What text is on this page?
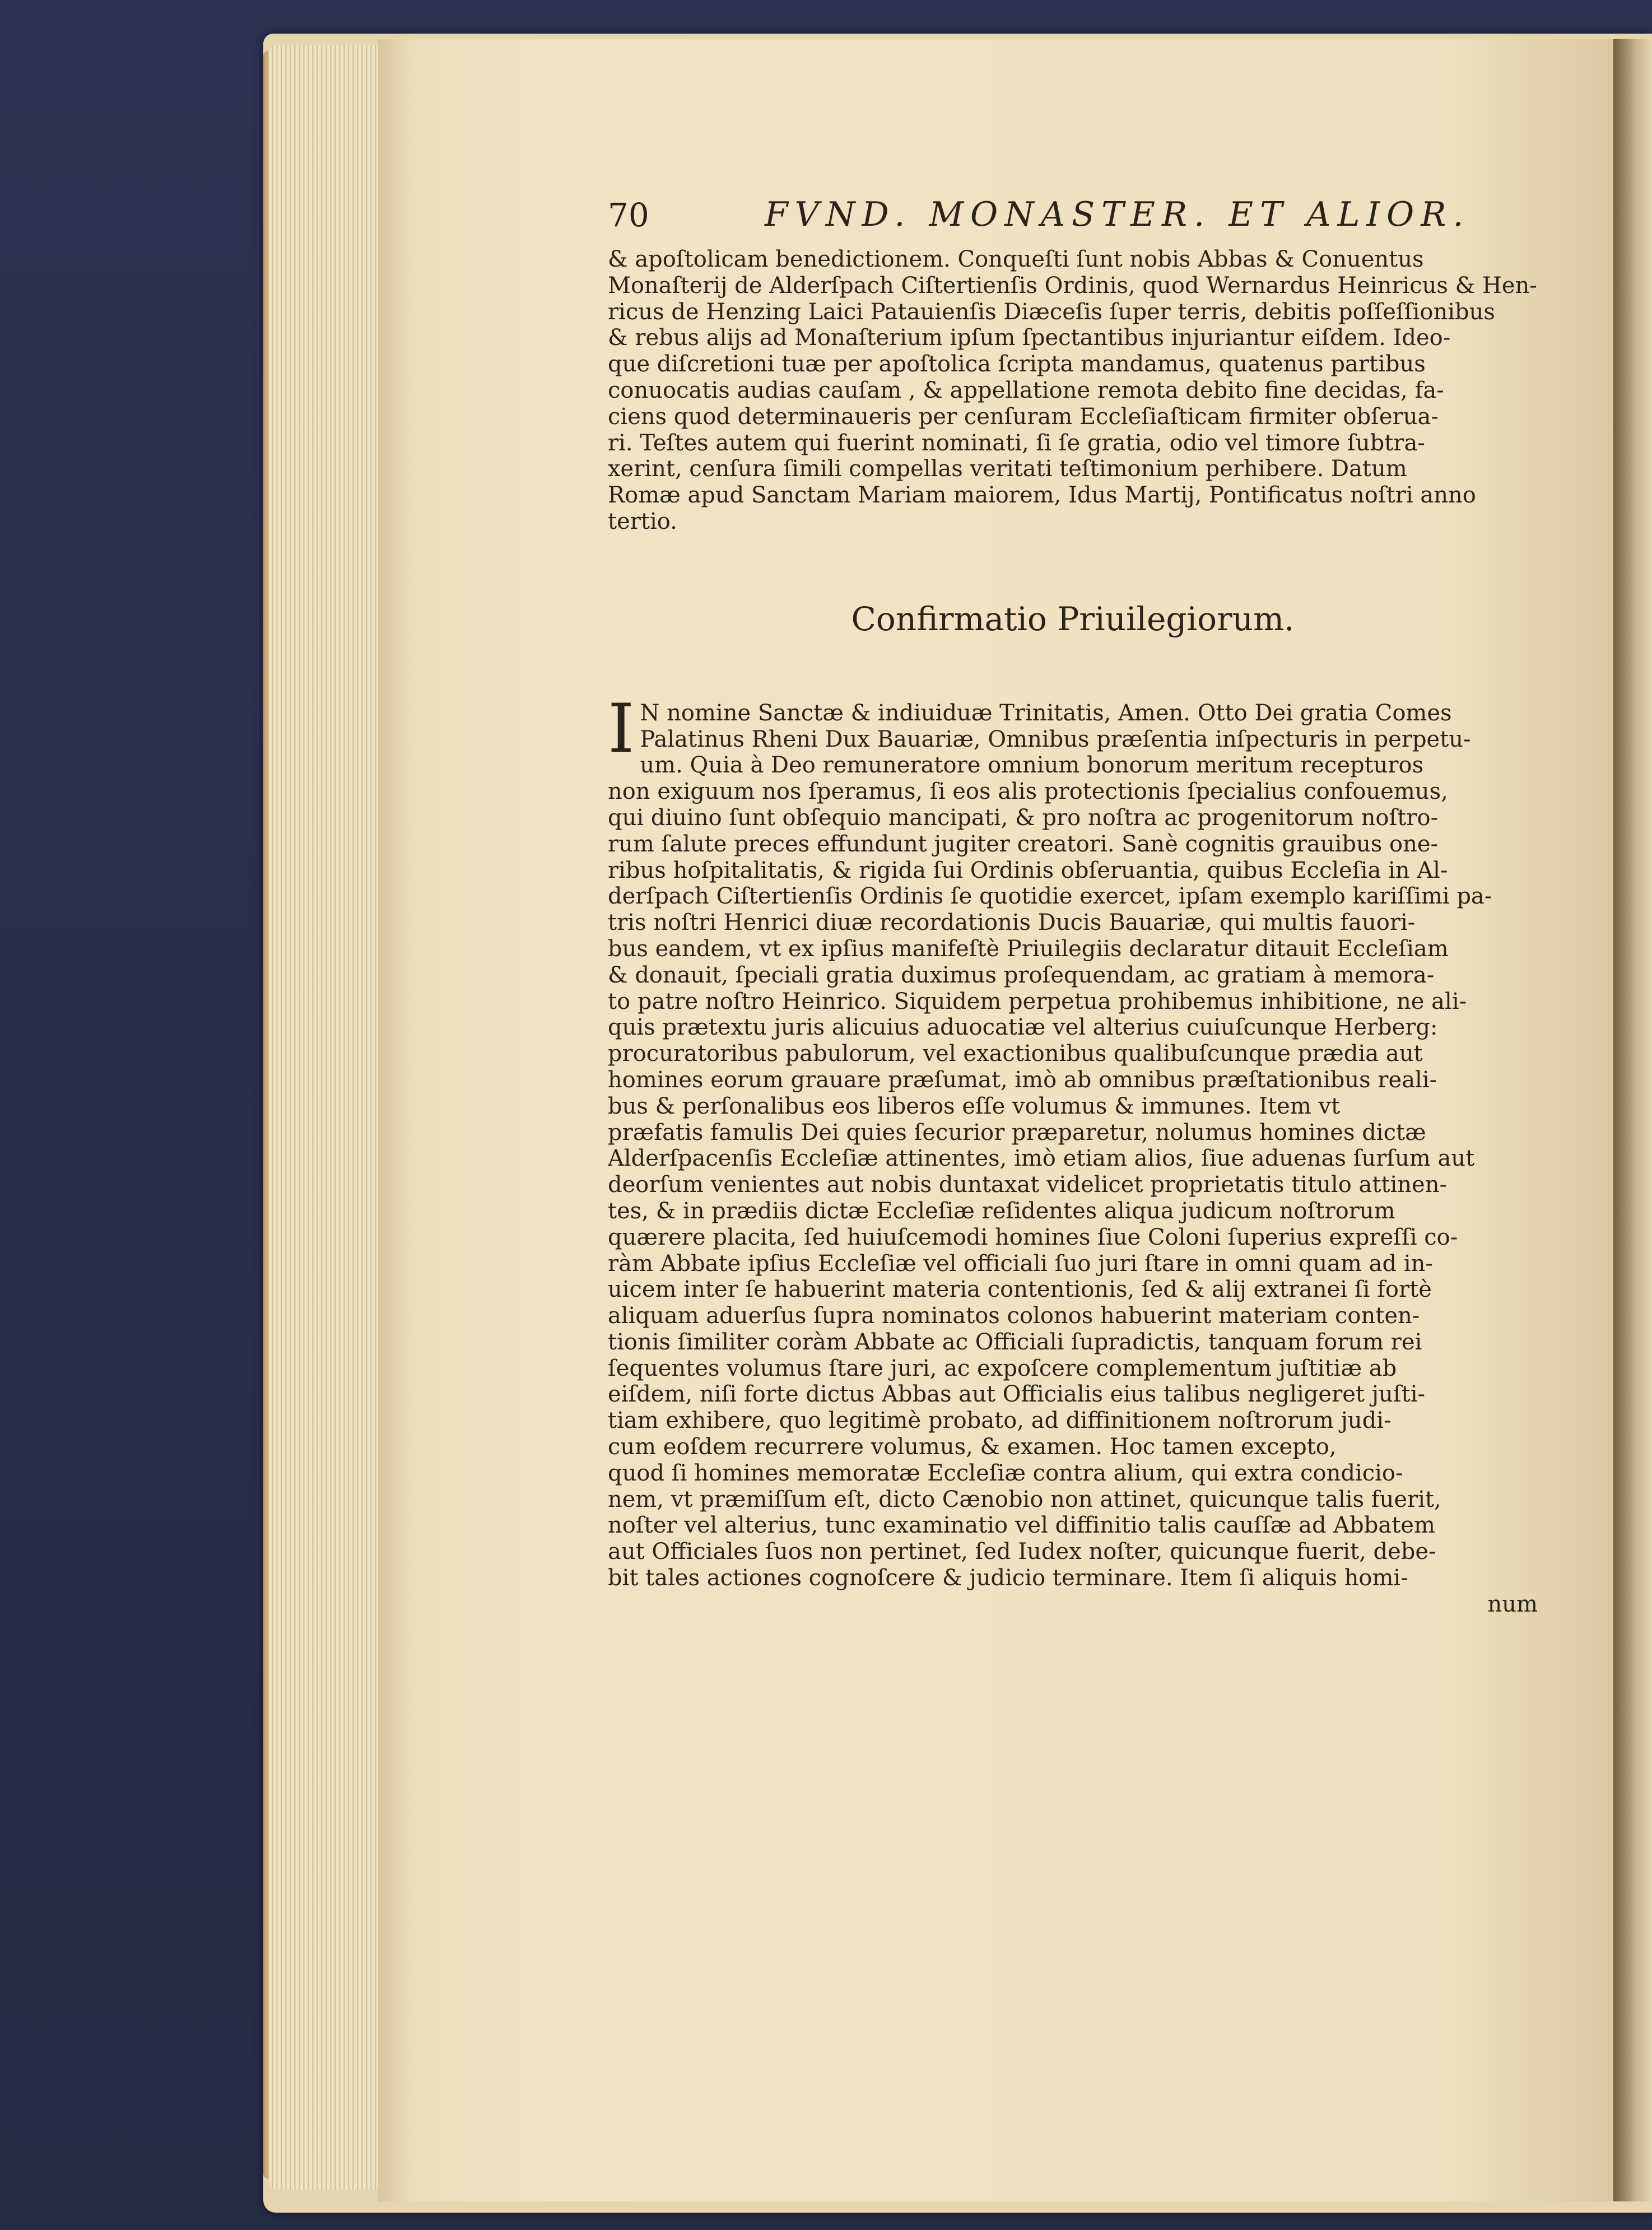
70	FVND. MONASTER. ET ALIOR.
& apoſtolicam benedictionem. Conqueſti ſunt nobis Abbas & Conuentus
Monaſterij de Alderſpach Ciſtertienſis Ordinis, quod Wernardus Heinricus & Hen-
ricus de Henzing Laici Patauienſis Diæceſis ſuper terris, debitis poſſeſſionibus
& rebus alijs ad Monaſterium ipſum ſpectantibus injuriantur eiſdem. Ideo-
que diſcretioni tuæ per apoſtolica ſcripta mandamus, quatenus partibus
conuocatis audias cauſam , & appellatione remota debito fine decidas, fa-
ciens quod determinaueris per cenſuram Eccleſiaſticam firmiter obſerua-
ri. Teſtes autem qui fuerint nominati, ſi ſe gratia, odio vel timore ſubtra-
xerint, cenſura ſimili compellas veritati teſtimonium perhibere. Datum
Romæ apud Sanctam Mariam maiorem, Idus Martij, Pontificatus noſtri anno
tertio.
Confirmatio Priuilegiorum.
I N nomine Sanctæ & indiuiduæ Trinitatis, Amen. Otto Dei gratia Comes
Palatinus Rheni Dux Bauariæ, Omnibus præſentia inſpecturis in perpetu-
um. Quia à Deo remuneratore omnium bonorum meritum recepturos
non exiguum nos ſperamus, ſi eos alis protectionis ſpecialius confouemus,
qui diuino ſunt obſequio mancipati, & pro noſtra ac progenitorum noſtro-
rum ſalute preces effundunt jugiter creatori. Sanè cognitis grauibus one-
ribus hoſpitalitatis, & rigida ſui Ordinis obſeruantia, quibus Eccleſia in Al-
derſpach Ciſtertienſis Ordinis ſe quotidie exercet, ipſam exemplo kariſſimi pa-
tris noſtri Henrici diuæ recordationis Ducis Bauariæ, qui multis fauori-
bus eandem, vt ex ipſius manifeſtè Priuilegiis declaratur ditauit Eccleſiam
& donauit, ſpeciali gratia duximus proſequendam, ac gratiam à memora-
to patre noſtro Heinrico. Siquidem perpetua prohibemus inhibitione, ne ali-
quis prætextu juris alicuius aduocatiæ vel alterius cuiuſcunque Herberg:
procuratoribus pabulorum, vel exactionibus qualibuſcunque prædia aut
homines eorum grauare præſumat, imò ab omnibus præſtationibus reali-
bus & perſonalibus eos liberos eſſe volumus & immunes. Item vt
præfatis famulis Dei quies ſecurior præparetur, nolumus homines dictæ
Alderſpacenſis Eccleſiæ attinentes, imò etiam alios, ſiue aduenas ſurſum aut
deorſum venientes aut nobis duntaxat videlicet proprietatis titulo attinen-
tes, & in prædiis dictæ Eccleſiæ reſidentes aliqua judicum noſtrorum
quærere placita, ſed huiuſcemodi homines ſiue Coloni ſuperius expreſſi co-
ràm Abbate ipſius Eccleſiæ vel officiali ſuo juri ſtare in omni quam ad in-
uicem inter ſe habuerint materia contentionis, ſed & alij extranei ſi fortè
aliquam aduerſus ſupra nominatos colonos habuerint materiam conten-
tionis ſimiliter coràm Abbate ac Officiali ſupradictis, tanquam forum rei
ſequentes volumus ſtare juri, ac expoſcere complementum juſtitiæ ab
eiſdem, niſi forte dictus Abbas aut Officialis eius talibus negligeret juſti-
tiam exhibere, quo legitimè probato, ad diffinitionem noſtrorum judi-
cum eoſdem recurrere volumus, & examen. Hoc tamen excepto,
quod ſi homines memoratæ Eccleſiæ contra alium, qui extra condicio-
nem, vt præmiſſum eſt, dicto Cænobio non attinet, quicunque talis fuerit,
noſter vel alterius, tunc examinatio vel diffinitio talis cauſſæ ad Abbatem
aut Officiales ſuos non pertinet, ſed Iudex noſter, quicunque fuerit, debe-
bit tales actiones cognoſcere & judicio terminare. Item ſi aliquis homi-
num
